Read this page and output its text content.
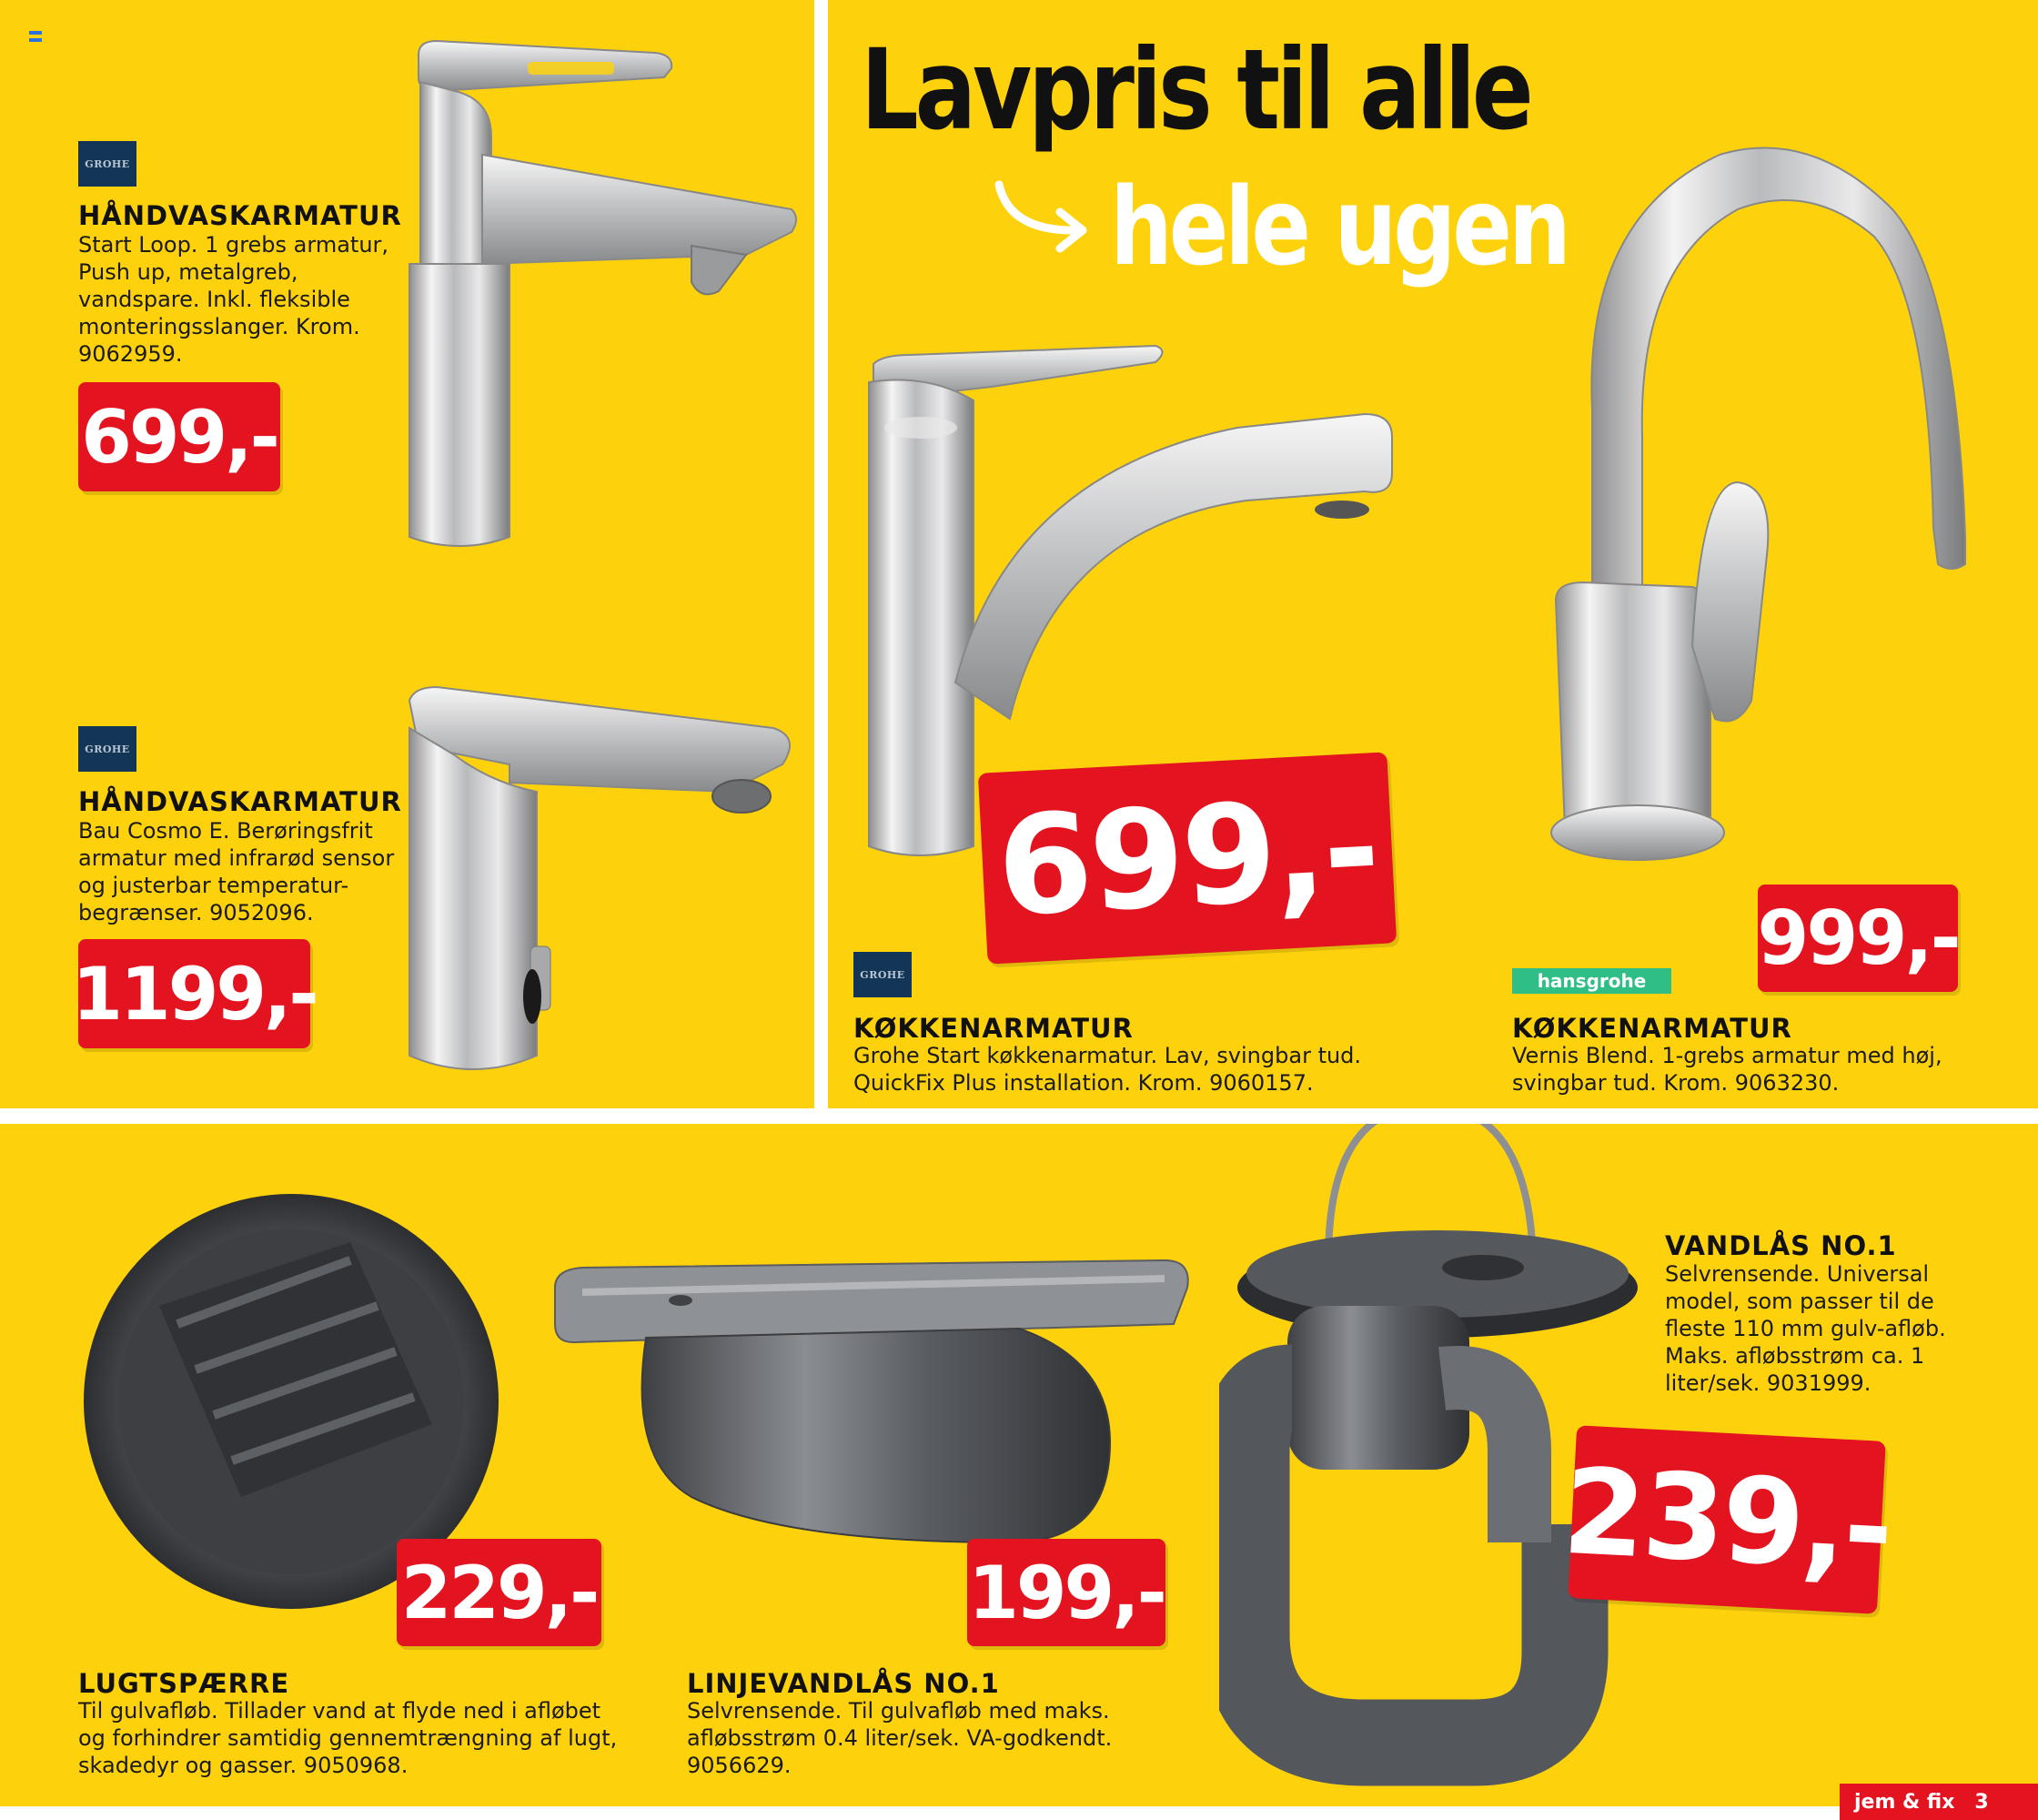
GROHE
HÅNDVASKARMATUR
Start Loop. 1 grebs armatur, Push up, metalgreb, vandspare. Inkl. fleksible monteringsslanger. Krom. 9062959.
699,-
GROHE
HÅNDVASKARMATUR
Bau Cosmo E. Berøringsfrit armatur med infrarød sensor og justerbar temperatur-begrænser. 9052096.
1199,-
Lavpris til alle
hele ugen
699,-	999,-
GROHE
KØKKENARMATUR
Grohe Start køkkenarmatur. Lav, svingbar tud. QuickFix Plus installation. Krom. 9060157.
hansgrohe
KØKKENARMATUR
Vernis Blend. 1-grebs armatur med høj, svingbar tud. Krom. 9063230.
229,-	199,-	239,-
LUGTSPÆRRE
Til gulvafløb. Tillader vand at flyde ned i afløbet og forhindrer samtidig gennemtrængning af lugt, skadedyr og gasser. 9050968.
LINJEVANDLÅS NO.1
Selvrensende. Til gulvafløb med maks. afløbsstrøm 0.4 liter/sek. VA-godkendt. 9056629.
VANDLÅS NO.1
Selvrensende. Universal model, som passer til de fleste 110 mm gulv-afløb. Maks. afløbsstrøm ca. 1 liter/sek. 9031999.
jem & fix 3
